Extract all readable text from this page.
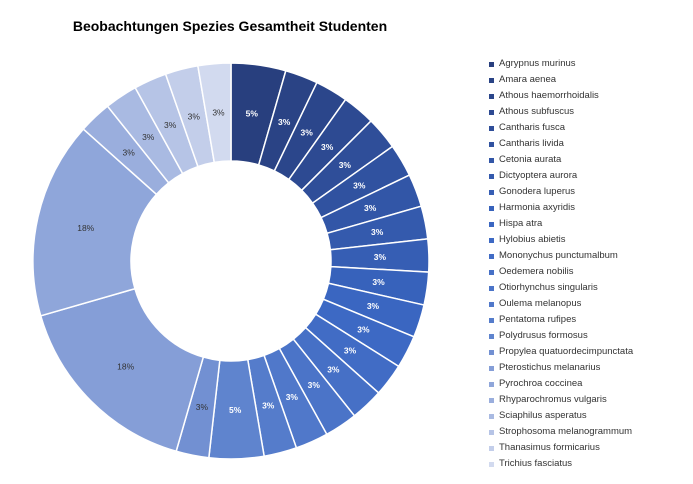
Beobachtungen Spezies Gesamtheit Studenten
5%
3%
3%
3%
3%
3%
3%
3%
3%
3%
3%
3%
3%
3%
3%
3%
3%
5%
3%
18%
18%
3%
3%
3%
3% 3%
Agrypnus murinus
Amara aenea
Athous haemorrhoidalis
Athous subfuscus
Cantharis fusca
Cantharis livida
Cetonia aurata
Dictyoptera aurora
Gonodera luperus
Harmonia axyridis
Hispa atra
Hylobius abietis
Mononychus punctumalbum
Oedemera nobilis
Otiorhynchus singularis
Oulema melanopus
Pentatoma rufipes
Polydrusus formosus
Propylea quatuordecimpunctata
Pterostichus melanarius
Pyrochroa coccinea
Rhyparochromus vulgaris
Sciaphilus asperatus
Strophosoma melanogrammum
Thanasimus formicarius
Trichius fasciatus
